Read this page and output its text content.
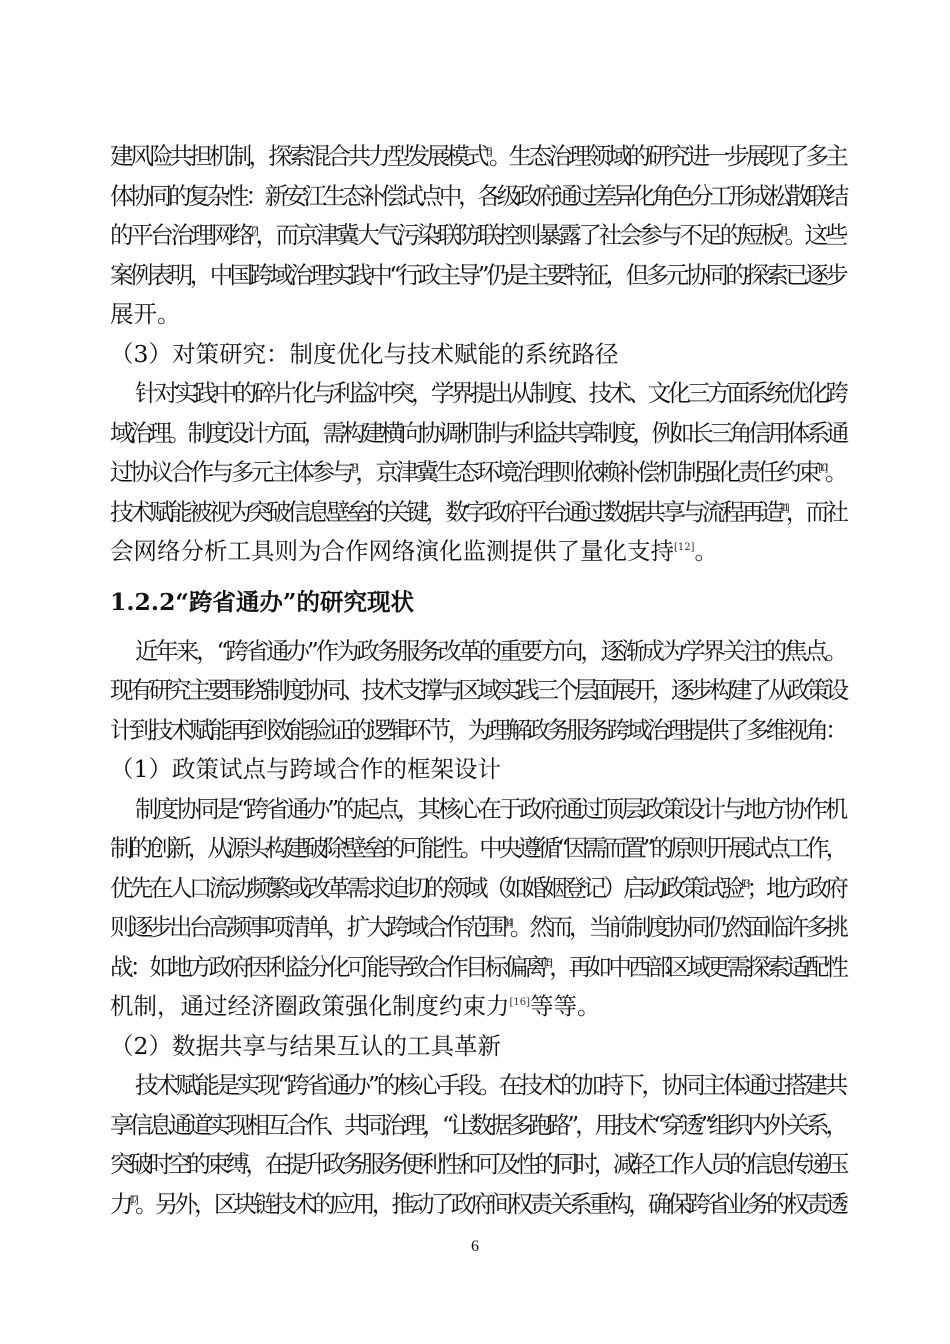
建风险共担机制，探索混合共力型发展模式[6]。生态治理领域的研究进一步展现了多主
体协同的复杂性：新安江生态补偿试点中，各级政府通过差异化角色分工形成松散联结
的平台治理网络[7]，而京津冀大气污染联防联控则暴露了社会参与不足的短板[8]。这些
案例表明，中国跨域治理实践中“行政主导”仍是主要特征，但多元协同的探索已逐步
展开。
（3）对策研究：制度优化与技术赋能的系统路径
针对实践中的碎片化与利益冲突，学界提出从制度、技术、文化三方面系统优化跨
域治理。制度设计方面，需构建横向协调机制与利益共享制度，例如长三角信用体系通
过协议合作与多元主体参与[9]，京津冀生态环境治理则依赖补偿机制强化责任约束[10]。
技术赋能被视为突破信息壁垒的关键，数字政府平台通过数据共享与流程再造[11]，而社
会网络分析工具则为合作网络演化监测提供了量化支持[12]。
1.2.2“跨省通办”的研究现状
近年来，“跨省通办”作为政务服务改革的重要方向，逐渐成为学界关注的焦点。
现有研究主要围绕制度协同、技术支撑与区域实践三个层面展开，逐步构建了从政策设
计到技术赋能再到效能验证的逻辑环节，为理解政务服务跨域治理提供了多维视角：
（1）政策试点与跨域合作的框架设计
制度协同是“跨省通办”的起点，其核心在于政府通过顶层政策设计与地方协作机
制的创新，从源头构建破除壁垒的可能性。中央遵循“因需而置”的原则开展试点工作，
优先在人口流动频繁或改革需求迫切的领域（如婚姻登记）启动政策试验[13]；地方政府
则逐步出台高频事项清单，扩大跨域合作范围[14]。然而，当前制度协同仍然面临许多挑
战：如地方政府因利益分化可能导致合作目标偏离[15]，再如中西部区域更需探索适配性
机制，通过经济圈政策强化制度约束力[16]等等。
（2）数据共享与结果互认的工具革新
技术赋能是实现“跨省通办”的核心手段。在技术的加持下，协同主体通过搭建共
享信息通道实现相互合作、共同治理，“让数据多跑路”，用技术“穿透”组织内外关系，
突破时空的束缚，在提升政务服务便利性和可及性的同时，减轻工作人员的信息传递压
力[17]。另外，区块链技术的应用，推动了政府间权责关系重构，确保跨省业务的权责透
6
